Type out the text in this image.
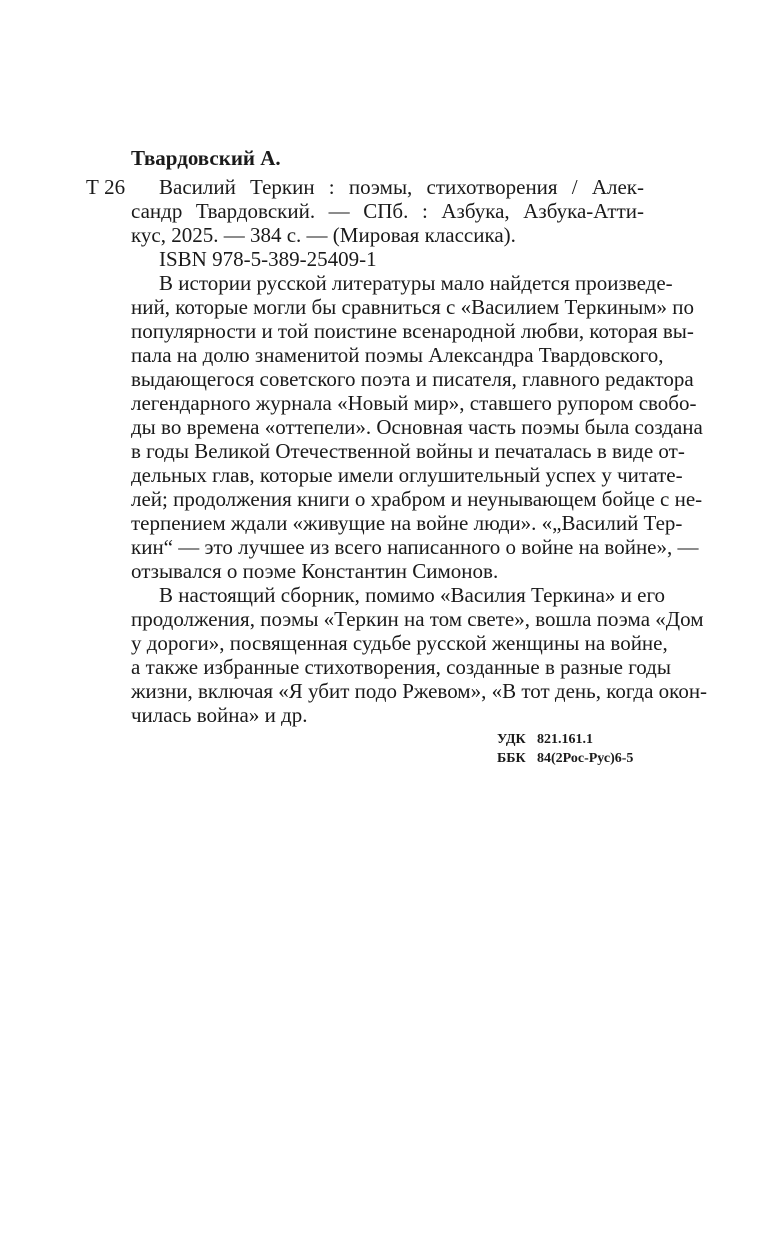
Твардовский А.
Т 26 Василий Теркин : поэмы, стихотворения / Алек-
сандр Твардовский. — СПб. : Азбука, Азбука-Атти-
кус, 2025. — 384 с. — (Мировая классика).
ISBN 978-5-389-25409-1
В истории русской литературы мало найдется произведе-
ний, которые могли бы сравниться с «Василием Теркиным» по
популярности и той поистине всенародной любви, которая вы-
пала на долю знаменитой поэмы Александра Твардовского,
выдающегося советского поэта и писателя, главного редактора
легендарного журнала «Новый мир», ставшего рупором свобо-
ды во времена «оттепели». Основная часть поэмы была создана
в годы Великой Отечественной войны и печаталась в виде от-
дельных глав, которые имели оглушительный успех у читате-
лей; продолжения книги о храбром и неунывающем бойце с не-
терпением ждали «живущие на войне люди». «„Василий Тер-
кин“ — это лучшее из всего написанного о войне на войне», —
отзывался о поэме Константин Симонов.
В настоящий сборник, помимо «Василия Теркина» и его
продолжения, поэмы «Теркин на том свете», вошла поэма «Дом
у дороги», посвященная судьбе русской женщины на войне,
а также избранные стихотворения, созданные в разные годы
жизни, включая «Я убит подо Ржевом», «В тот день, когда окон-
чилась война» и др.
УДК 821.161.1
ББК 84(2Рос-Рус)6-5
